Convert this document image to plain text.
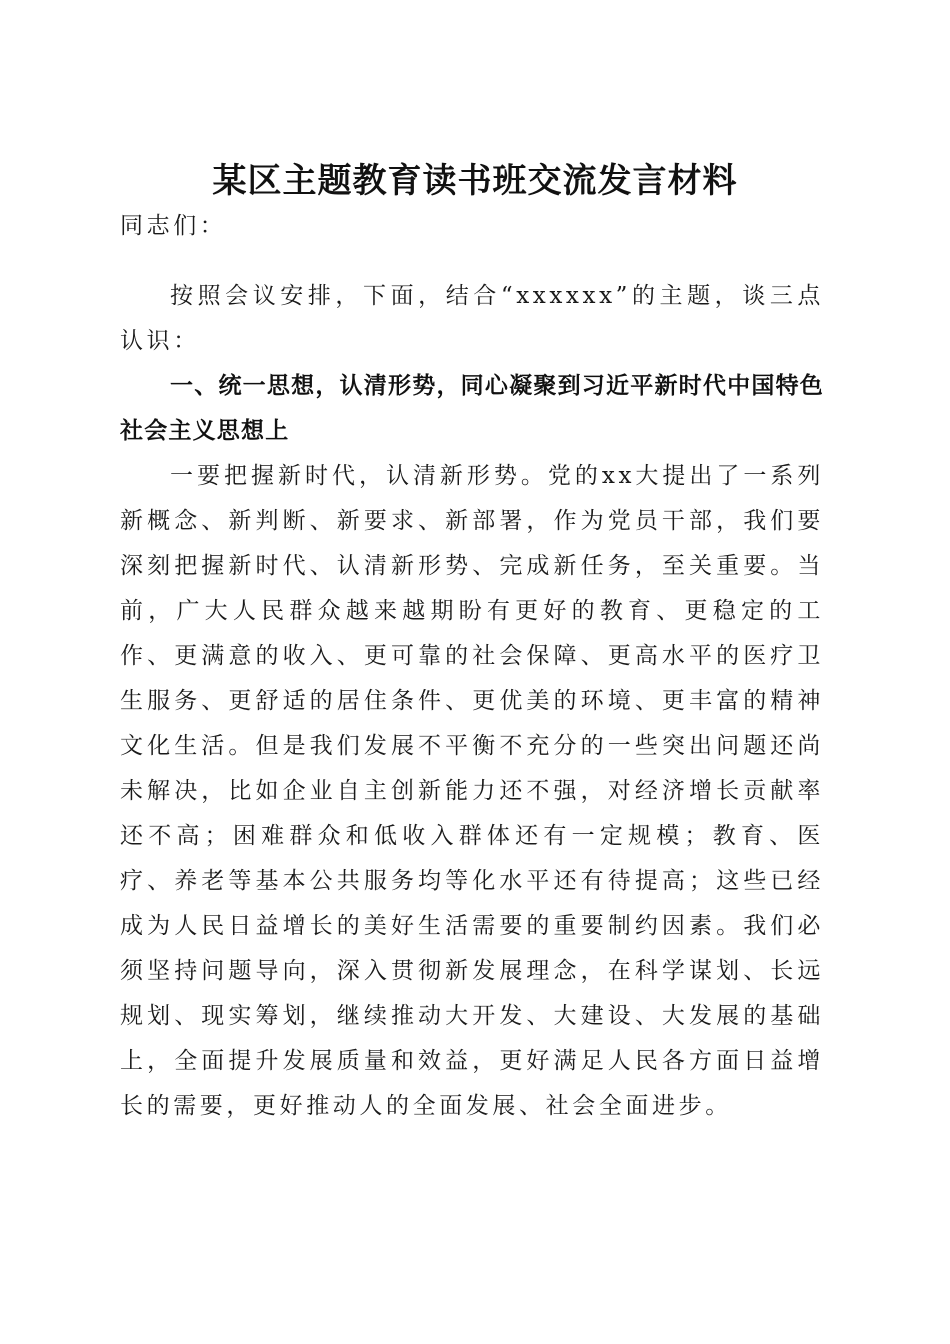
某区主题教育读书班交流发言材料

同志们：

按照会议安排，下面，结合“xxxxxx”的主题，谈三点认识：

一、统一思想，认清形势，同心凝聚到习近平新时代中国特色社会主义思想上

一要把握新时代，认清新形势。党的xx大提出了一系列新概念、新判断、新要求、新部署，作为党员干部，我们要深刻把握新时代、认清新形势、完成新任务，至关重要。当前，广大人民群众越来越期盼有更好的教育、更稳定的工作、更满意的收入、更可靠的社会保障、更高水平的医疗卫生服务、更舒适的居住条件、更优美的环境、更丰富的精神文化生活。但是我们发展不平衡不充分的一些突出问题还尚未解决，比如企业自主创新能力还不强，对经济增长贡献率还不高；困难群众和低收入群体还有一定规模；教育、医疗、养老等基本公共服务均等化水平还有待提高；这些已经成为人民日益增长的美好生活需要的重要制约因素。我们必须坚持问题导向，深入贯彻新发展理念，在科学谋划、长远规划、现实筹划，继续推动大开发、大建设、大发展的基础上，全面提升发展质量和效益，更好满足人民各方面日益增长的需要，更好推动人的全面发展、社会全面进步。
